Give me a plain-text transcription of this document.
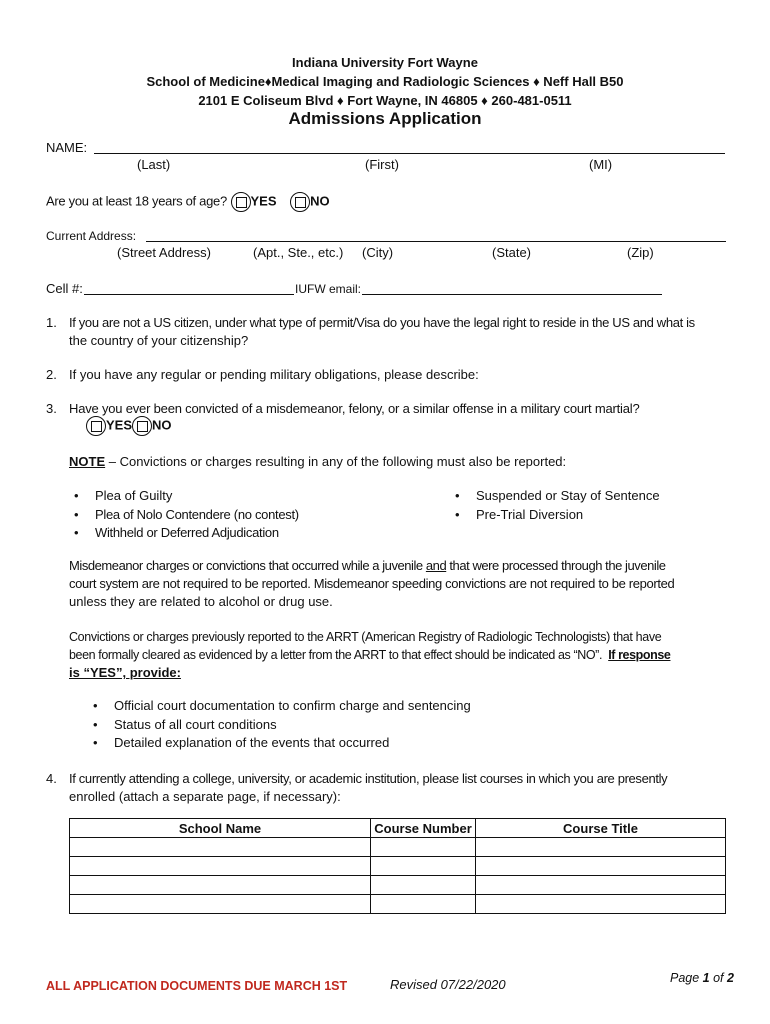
Indiana University Fort Wayne
School of Medicine♦Medical Imaging and Radiologic Sciences ♦ Neff Hall B50
2101 E Coliseum Blvd ♦ Fort Wayne, IN 46805 ♦ 260-481-0511
Admissions Application
NAME:
(Last)	(First)	(MI)
Are you at least 18 years of age? YES	NO
Current Address:
(Street Address)	(Apt., Ste., etc.) (City)	(State)	(Zip)
Cell #:	IUFW email:
1. If you are not a US citizen, under what type of permit/Visa do you have the legal right to reside in the US and what is
the country of your citizenship?
2. If you have any regular or pending military obligations, please describe:
3. Have you ever been convicted of a misdemeanor, felony, or a similar offense in a military court martial?
YES NO
NOTE – Convictions or charges resulting in any of the following must also be reported:
• Plea of Guilty
• Plea of Nolo Contendere (no contest)
• Withheld or Deferred Adjudication
• Suspended or Stay of Sentence
• Pre-Trial Diversion
Misdemeanor charges or convictions that occurred while a juvenile and that were processed through the juvenile
court system are not required to be reported. Misdemeanor speeding convictions are not required to be reported
unless they are related to alcohol or drug use.
Convictions or charges previously reported to the ARRT (American Registry of Radiologic Technologists) that have
been formally cleared as evidenced by a letter from the ARRT to that effect should be indicated as “NO”. If response
is “YES”, provide:
• Official court documentation to confirm charge and sentencing
• Status of all court conditions
• Detailed explanation of the events that occurred
4. If currently attending a college, university, or academic institution, please list courses in which you are presently
enrolled (attach a separate page, if necessary):
School Name	Course Number	Course Title

ALL APPLICATION DOCUMENTS DUE MARCH 1ST	Revised 07/22/2020	Page 1 of 2
